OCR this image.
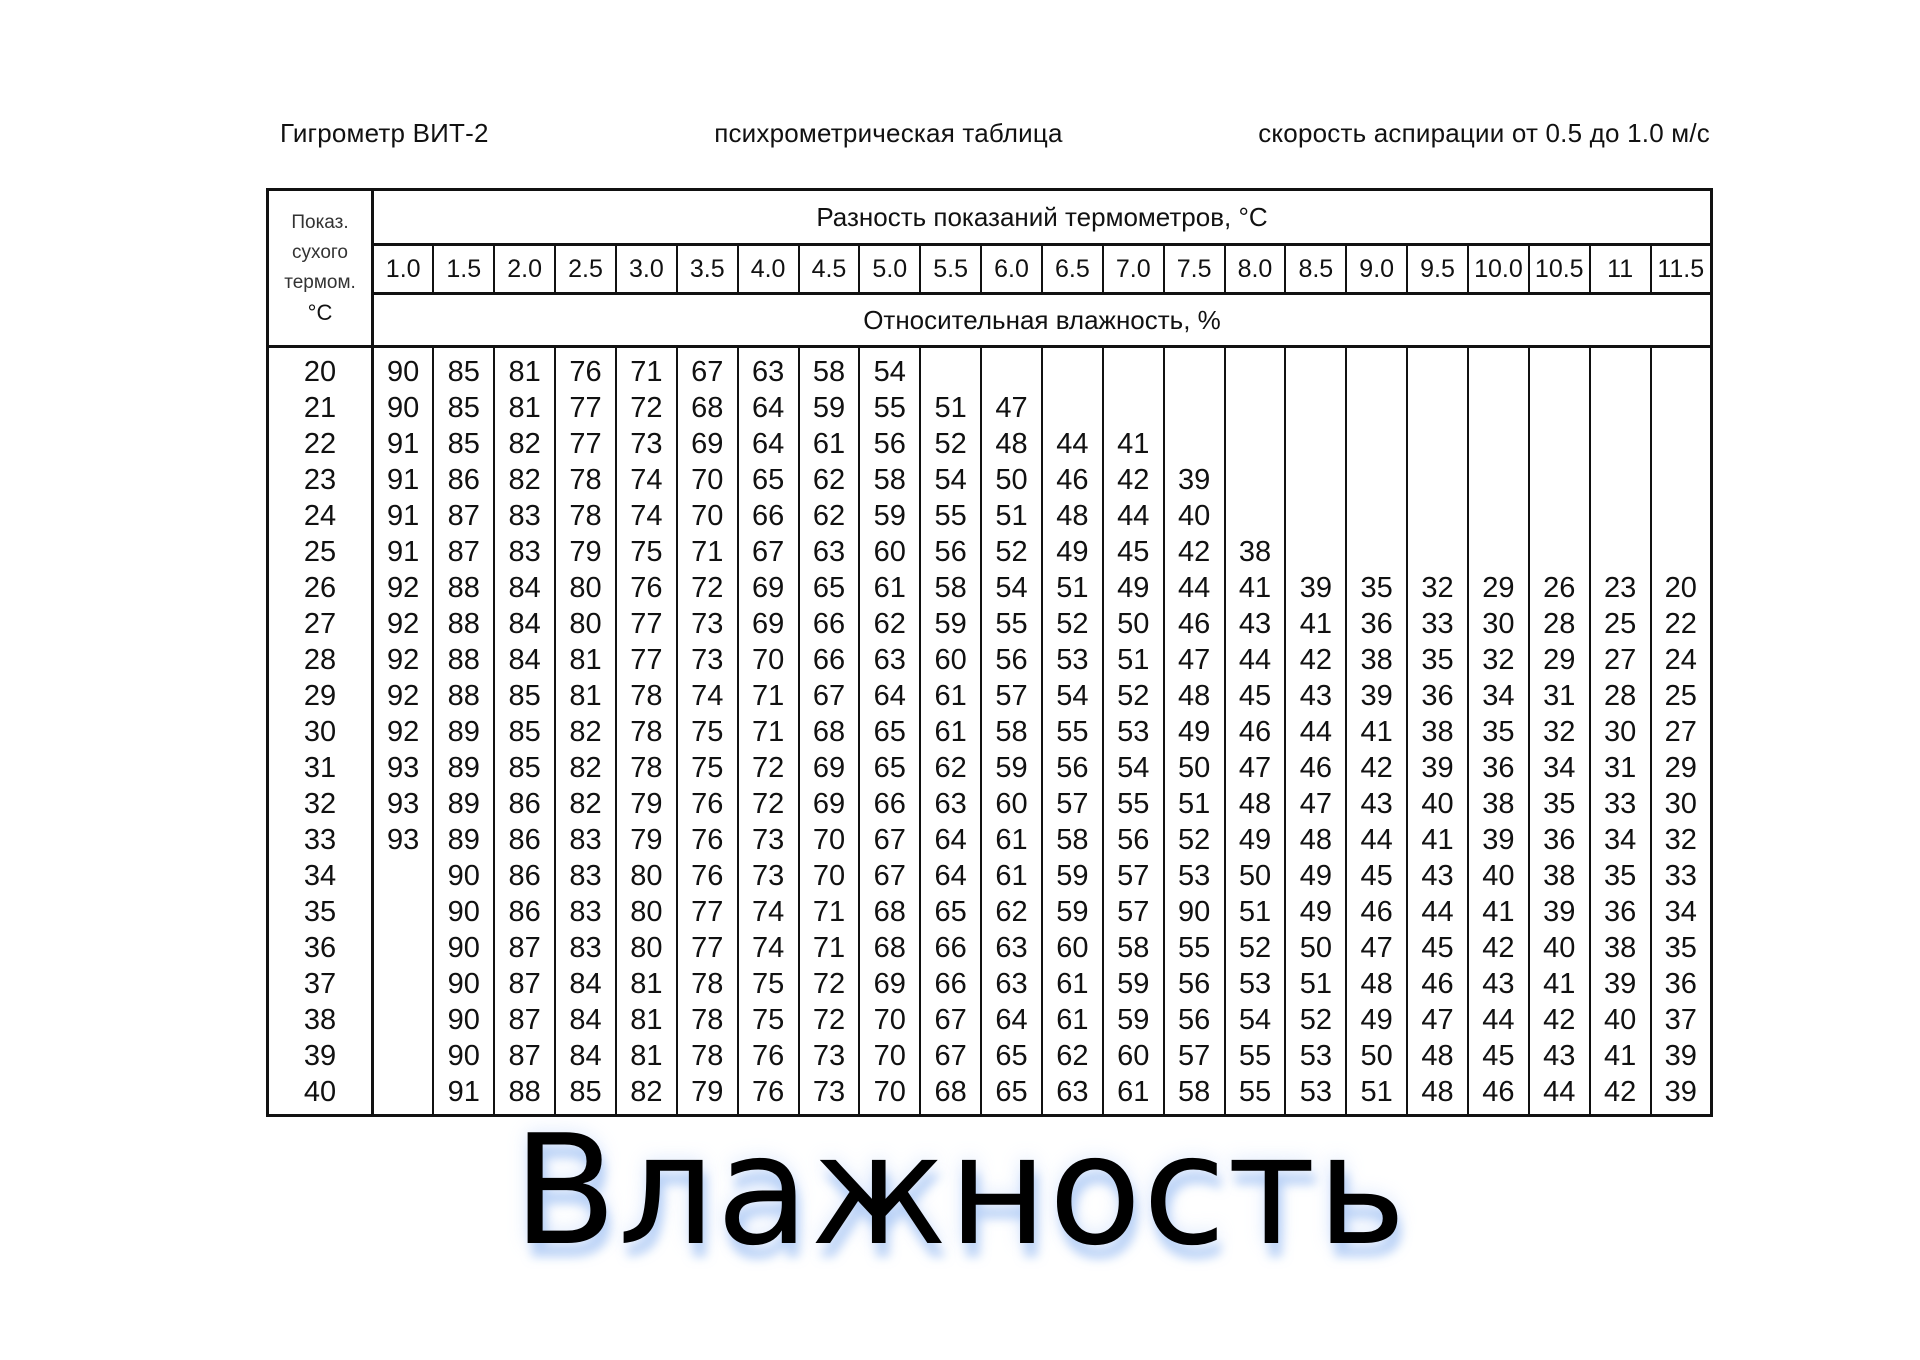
Гигрометр ВИТ-2	психрометрическая таблица	скорость аспирации от 0.5 до 1.0 м/с
Показ.
сухого
термом.
°С	Разность показаний термометров, °С																					
	1.0	1.5	2.0	2.5	3.0	3.5	4.0	4.5	5.0	5.5	6.0	6.5	7.0	7.5	8.0	8.5	9.0	9.5	10.0	10.5	11	11.5
	Относительная влажность, %																					
20	90	85	81	76	71	67	63	58	54													
21	90	85	81	77	72	68	64	59	55	51	47											
22	91	85	82	77	73	69	64	61	56	52	48	44	41									
23	91	86	82	78	74	70	65	62	58	54	50	46	42	39								
24	91	87	83	78	74	70	66	62	59	55	51	48	44	40								
25	91	87	83	79	75	71	67	63	60	56	52	49	45	42	38							
26	92	88	84	80	76	72	69	65	61	58	54	51	49	44	41	39	35	32	29	26	23	20
27	92	88	84	80	77	73	69	66	62	59	55	52	50	46	43	41	36	33	30	28	25	22
28	92	88	84	81	77	73	70	66	63	60	56	53	51	47	44	42	38	35	32	29	27	24
29	92	88	85	81	78	74	71	67	64	61	57	54	52	48	45	43	39	36	34	31	28	25
30	92	89	85	82	78	75	71	68	65	61	58	55	53	49	46	44	41	38	35	32	30	27
31	93	89	85	82	78	75	72	69	65	62	59	56	54	50	47	46	42	39	36	34	31	29
32	93	89	86	82	79	76	72	69	66	63	60	57	55	51	48	47	43	40	38	35	33	30
33	93	89	86	83	79	76	73	70	67	64	61	58	56	52	49	48	44	41	39	36	34	32
34		90	86	83	80	76	73	70	67	64	61	59	57	53	50	49	45	43	40	38	35	33
35		90	86	83	80	77	74	71	68	65	62	59	57	90	51	49	46	44	41	39	36	34
36		90	87	83	80	77	74	71	68	66	63	60	58	55	52	50	47	45	42	40	38	35
37		90	87	84	81	78	75	72	69	66	63	61	59	56	53	51	48	46	43	41	39	36
38		90	87	84	81	78	75	72	70	67	64	61	59	56	54	52	49	47	44	42	40	37
39		90	87	84	81	78	76	73	70	67	65	62	60	57	55	53	50	48	45	43	41	39
40		91	88	85	82	79	76	73	70	68	65	63	61	58	55	53	51	48	46	44	42	39
Влажность
